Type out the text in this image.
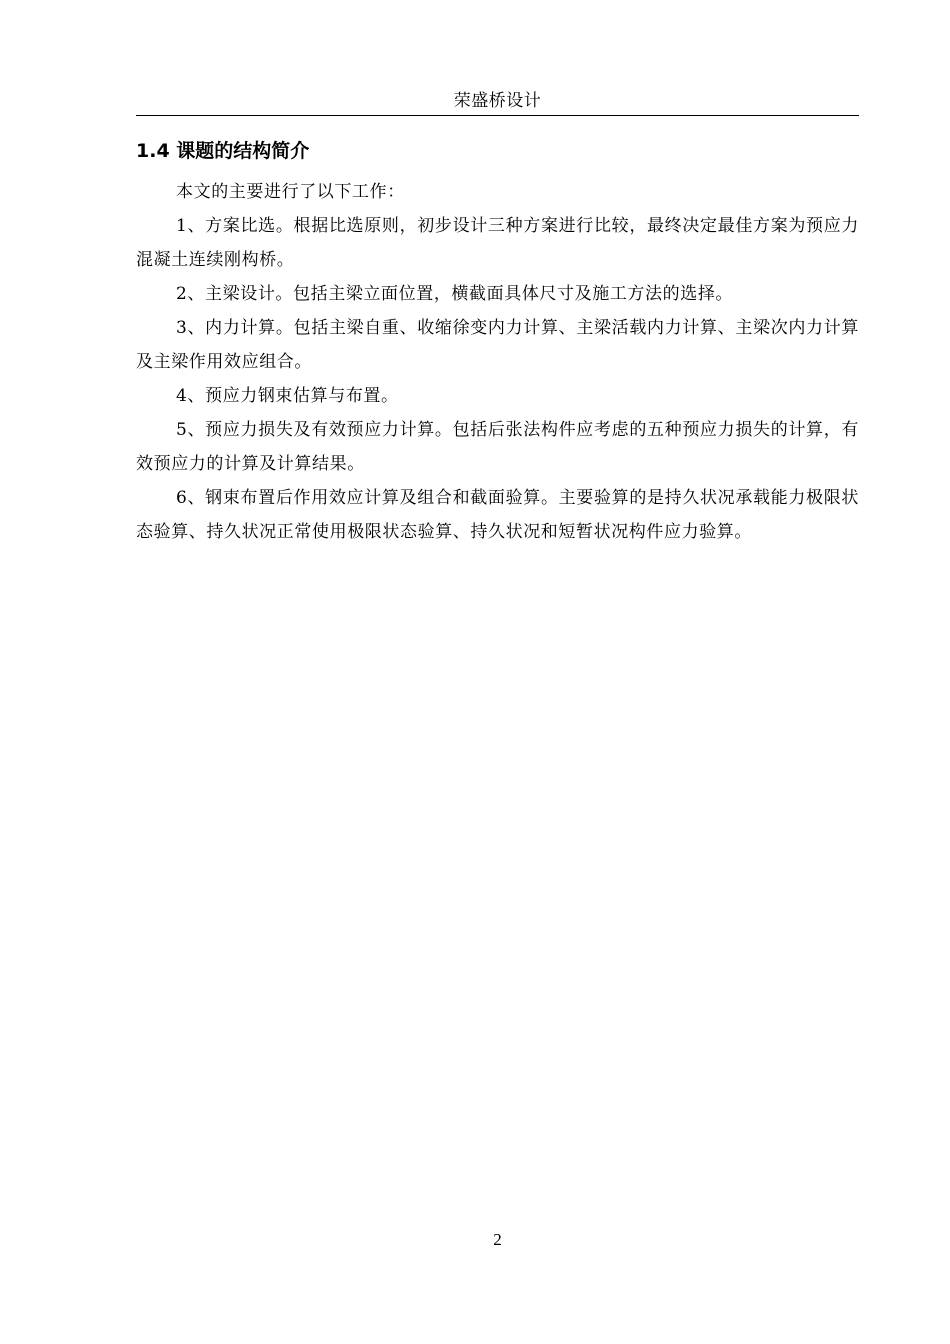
荣盛桥设计
1.4 课题的结构简介

本文的主要进行了以下工作：

1、方案比选。根据比选原则，初步设计三种方案进行比较，最终决定最佳方案为预应力混凝土连续刚构桥。

2、主梁设计。包括主梁立面位置，横截面具体尺寸及施工方法的选择。

3、内力计算。包括主梁自重、收缩徐变内力计算、主梁活载内力计算、主梁次内力计算及主梁作用效应组合。

4、预应力钢束估算与布置。

5、预应力损失及有效预应力计算。包括后张法构件应考虑的五种预应力损失的计算，有效预应力的计算及计算结果。

6、钢束布置后作用效应计算及组合和截面验算。主要验算的是持久状况承载能力极限状态验算、持久状况正常使用极限状态验算、持久状况和短暂状况构件应力验算。

2
